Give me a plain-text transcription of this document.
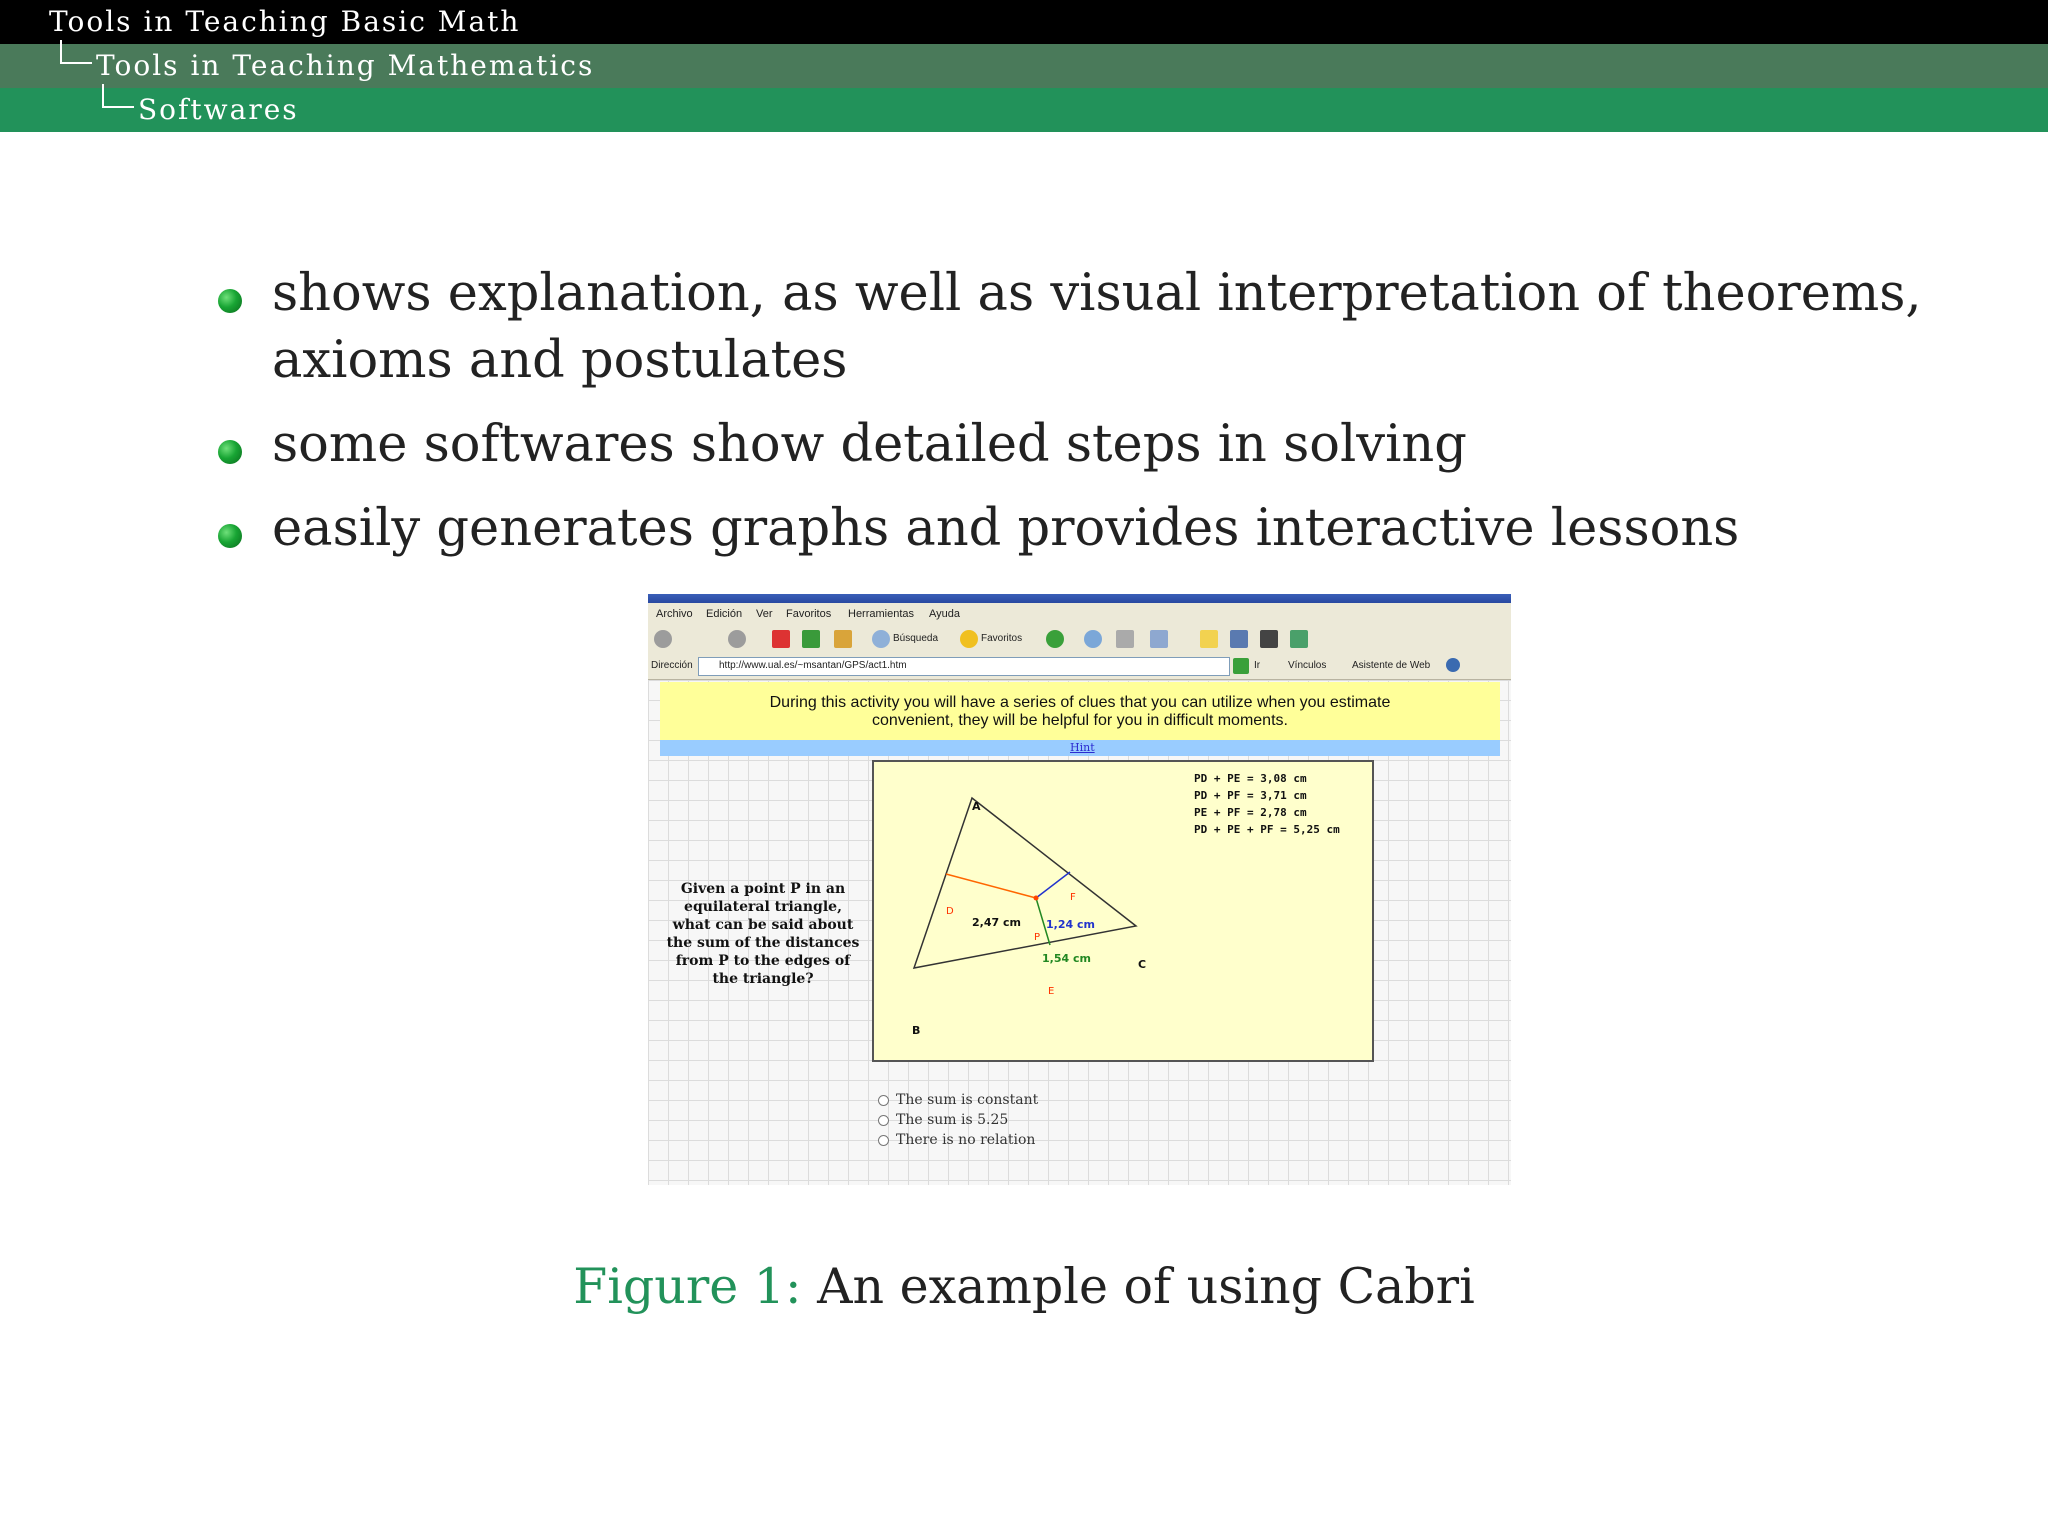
Tools in Teaching Basic Math
Tools in Teaching Mathematics
Softwares
shows explanation, as well as visual interpretation of theorems,
axioms and postulates
some softwares show detailed steps in solving
easily generates graphs and provides interactive lessons
Archivo Edición Ver Favoritos Herramientas Ayuda
Búsqueda	Favoritos
Dirección	http://www.ual.es/~msantan/GPS/act1.htm	Ir	Vínculos	Asistente de Web

During this activity you will have a series of clues that you can utilize when you estimate

convenient, they will be helpful for you in difficult moments.

Hint
Given a point P in an
equilateral triangle,
what can be said about
the sum of the distances
from P to the edges of
the triangle?
A
B
C
D
E
F
P
2,47 cm 1,24 cm
1,54 cm
PD + PE = 3,08 cm
PD + PF = 3,71 cm
PE + PF = 2,78 cm
PD + PE + PF = 5,25 cm
The sum is constant
The sum is 5.25
There is no relation
Figure 1: An example of using Cabri
